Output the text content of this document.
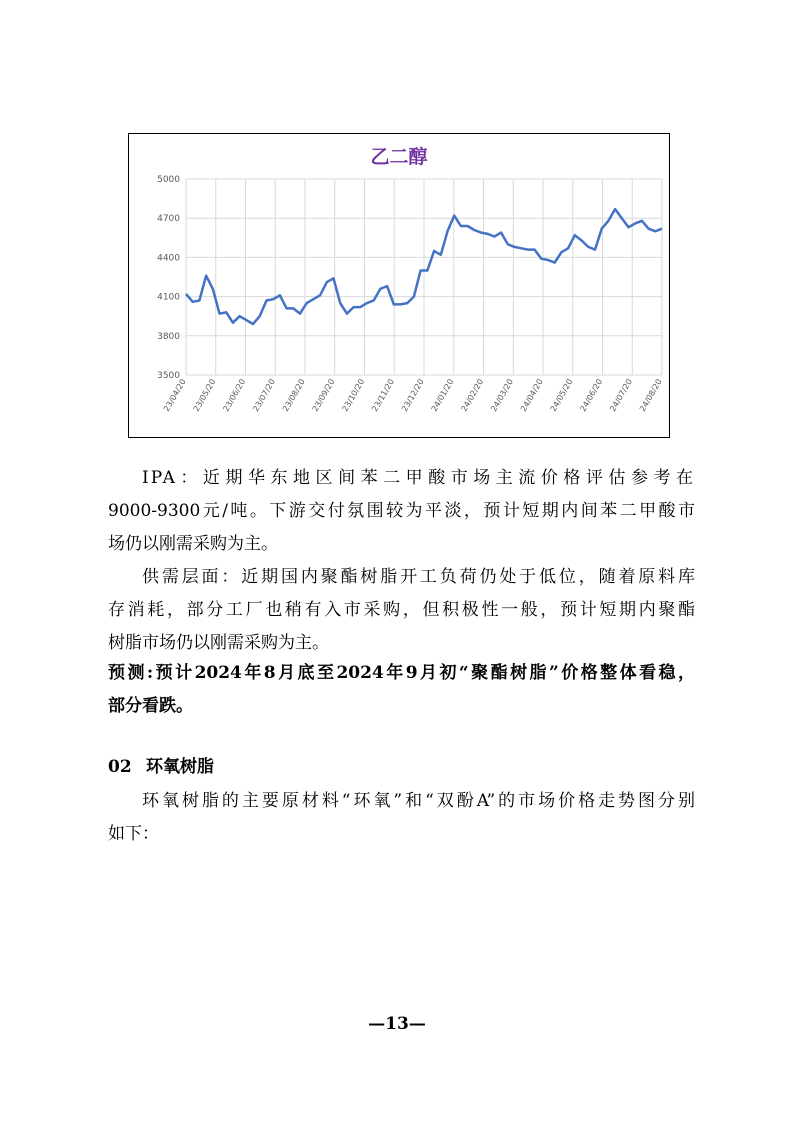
5000
4700
4400
4100
3800
3500
23/04/20 23/05/20 23/06/20 23/07/20 23/08/20 23/09/20 23/10/20 23/11/20 23/12/20 24/01/20 24/02/20 24/03/20 24/04/20 24/05/20 24/06/20 24/07/20 24/08/20
乙二醇

IPA：近期华东地区间苯二甲酸市场主流价格评估参考在
9000-9300元/吨。下游交付氛围较为平淡，预计短期内间苯二甲酸市
场仍以刚需采购为主。

供需层面：近期国内聚酯树脂开工负荷仍处于低位，随着原料库
存消耗，部分工厂也稍有入市采购，但积极性一般，预计短期内聚酯
树脂市场仍以刚需采购为主。

预测:预计2024年8月底至2024年9月初“聚酯树脂”价格整体看稳，
部分看跌。

02 环氧树脂

环氧树脂的主要原材料“环氧”和“双酚A”的市场价格走势图分别
如下：

—13—
